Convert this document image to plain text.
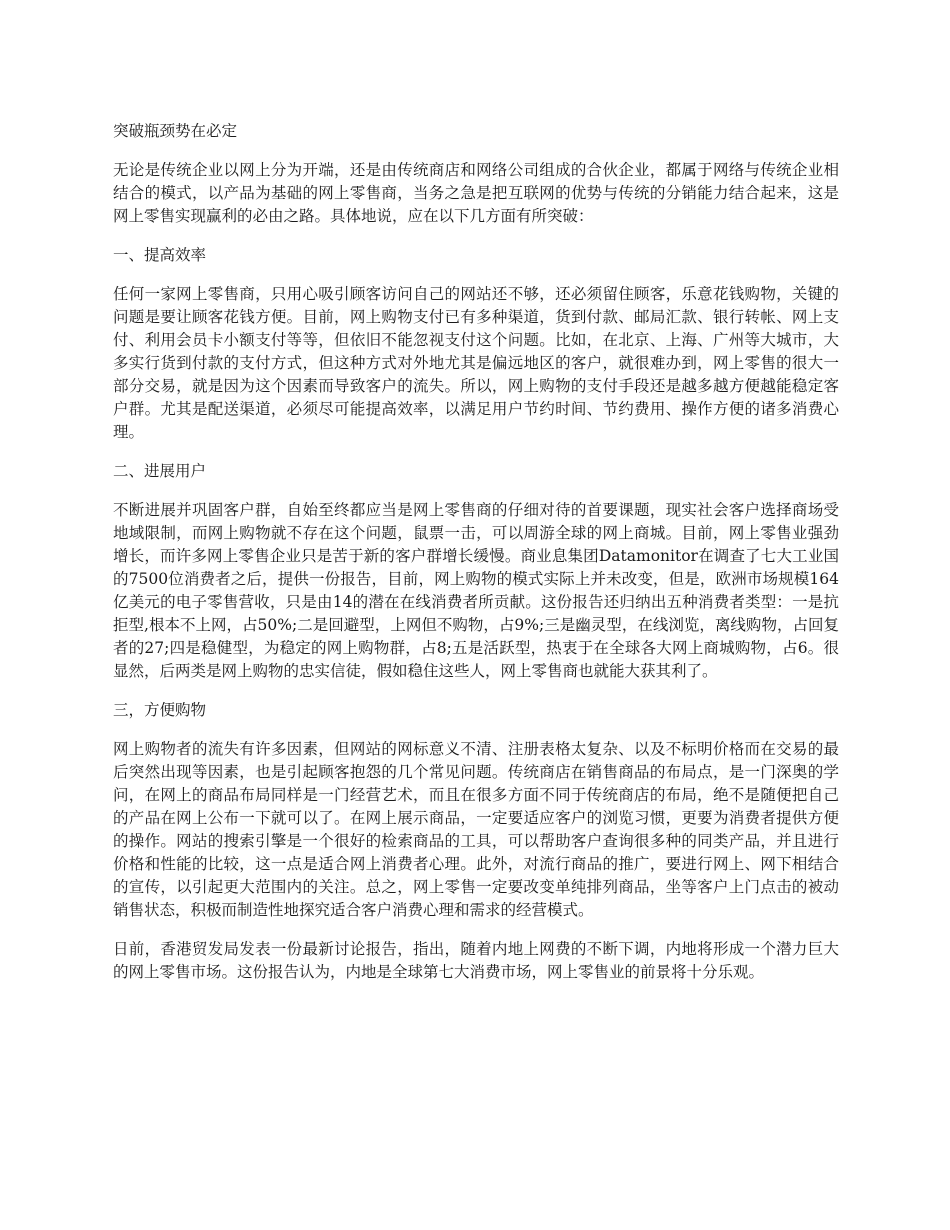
突破瓶颈势在必定

无论是传统企业以网上分为开端，还是由传统商店和网络公司组成的合伙企业，都属于网络与传统企业相结合的模式，以产品为基础的网上零售商，当务之急是把互联网的优势与传统的分销能力结合起来，这是网上零售实现赢利的必由之路。具体地说，应在以下几方面有所突破：

一、提高效率

任何一家网上零售商，只用心吸引顾客访问自己的网站还不够，还必须留住顾客，乐意花钱购物，关键的问题是要让顾客花钱方便。目前，网上购物支付已有多种渠道，货到付款、邮局汇款、银行转帐、网上支付、利用会员卡小额支付等等，但依旧不能忽视支付这个问题。比如，在北京、上海、广州等大城市，大多实行货到付款的支付方式，但这种方式对外地尤其是偏远地区的客户，就很难办到，网上零售的很大一部分交易，就是因为这个因素而导致客户的流失。所以，网上购物的支付手段还是越多越方便越能稳定客户群。尤其是配送渠道，必须尽可能提高效率，以满足用户节约时间、节约费用、操作方便的诸多消费心理。

二、进展用户

不断进展并巩固客户群，自始至终都应当是网上零售商的仔细对待的首要课题，现实社会客户选择商场受地域限制，而网上购物就不存在这个问题，鼠票一击，可以周游全球的网上商城。目前，网上零售业强劲增长，而许多网上零售企业只是苦于新的客户群增长缓慢。商业息集团Datamonitor在调查了七大工业国的7500位消费者之后，提供一份报告，目前，网上购物的模式实际上并未改变，但是，欧洲市场规模164亿美元的电子零售营收，只是由14的潜在在线消费者所贡献。这份报告还归纳出五种消费者类型：一是抗拒型,根本不上网，占50%;二是回避型，上网但不购物，占9%;三是幽灵型，在线浏览，离线购物，占回复者的27;四是稳健型，为稳定的网上购物群，占8;五是活跃型，热衷于在全球各大网上商城购物，占6。很显然，后两类是网上购物的忠实信徒，假如稳住这些人，网上零售商也就能大获其利了。

三，方便购物

网上购物者的流失有许多因素，但网站的网标意义不清、注册表格太复杂、以及不标明价格而在交易的最后突然出现等因素，也是引起顾客抱怨的几个常见问题。传统商店在销售商品的布局点，是一门深奥的学问，在网上的商品布局同样是一门经营艺术，而且在很多方面不同于传统商店的布局，绝不是随便把自己的产品在网上公布一下就可以了。在网上展示商品，一定要适应客户的浏览习惯，更要为消费者提供方便的操作。网站的搜索引擎是一个很好的检索商品的工具，可以帮助客户查询很多种的同类产品，并且进行价格和性能的比较，这一点是适合网上消费者心理。此外，对流行商品的推广，要进行网上、网下相结合的宣传，以引起更大范围内的关注。总之，网上零售一定要改变单纯排列商品，坐等客户上门点击的被动销售状态，积极而制造性地探究适合客户消费心理和需求的经营模式。

日前，香港贸发局发表一份最新讨论报告，指出，随着内地上网费的不断下调，内地将形成一个潜力巨大的网上零售市场。这份报告认为，内地是全球第七大消费市场，网上零售业的前景将十分乐观。
